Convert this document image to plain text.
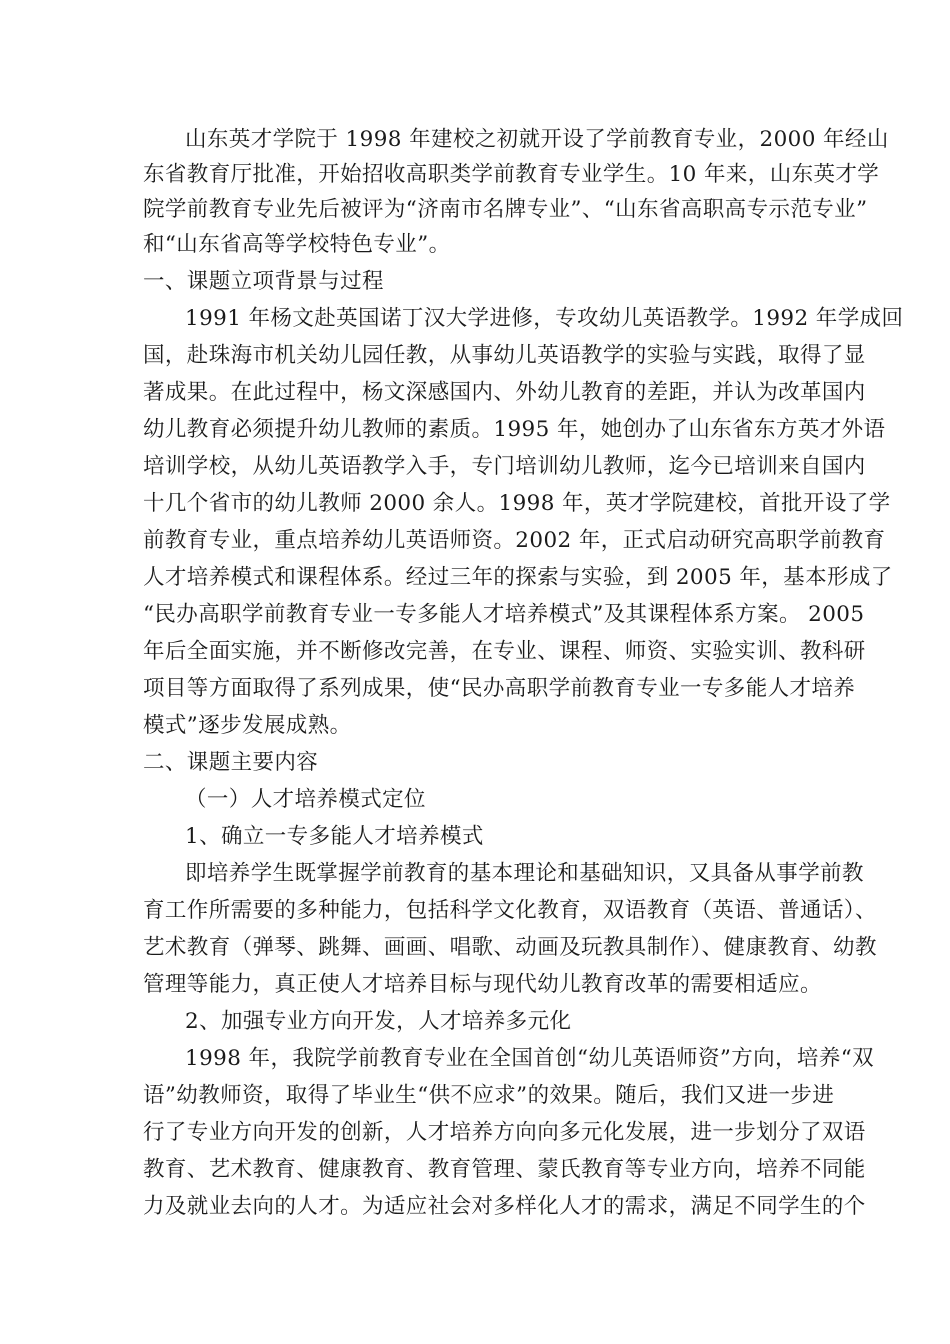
山东英才学院于 1998 年建校之初就开设了学前教育专业，2000 年经山
东省教育厅批准，开始招收高职类学前教育专业学生。10 年来，山东英才学
院学前教育专业先后被评为“济南市名牌专业”、“山东省高职高专示范专业”
和“山东省高等学校特色专业”。
一、课题立项背景与过程
1991 年杨文赴英国诺丁汉大学进修，专攻幼儿英语教学。1992 年学成回
国，赴珠海市机关幼儿园任教，从事幼儿英语教学的实验与实践，取得了显
著成果。在此过程中，杨文深感国内、外幼儿教育的差距，并认为改革国内
幼儿教育必须提升幼儿教师的素质。1995 年，她创办了山东省东方英才外语
培训学校，从幼儿英语教学入手，专门培训幼儿教师，迄今已培训来自国内
十几个省市的幼儿教师 2000 余人。1998 年，英才学院建校，首批开设了学
前教育专业，重点培养幼儿英语师资。2002 年，正式启动研究高职学前教育
人才培养模式和课程体系。经过三年的探索与实验，到 2005 年，基本形成了
“民办高职学前教育专业一专多能人才培养模式”及其课程体系方案。 2005
年后全面实施，并不断修改完善，在专业、课程、师资、实验实训、教科研
项目等方面取得了系列成果，使“民办高职学前教育专业一专多能人才培养
模式”逐步发展成熟。
二、课题主要内容
（一）人才培养模式定位
1、确立一专多能人才培养模式
即培养学生既掌握学前教育的基本理论和基础知识，又具备从事学前教
育工作所需要的多种能力，包括科学文化教育，双语教育（英语、普通话）、
艺术教育（弹琴、跳舞、画画、唱歌、动画及玩教具制作）、健康教育、幼教
管理等能力，真正使人才培养目标与现代幼儿教育改革的需要相适应。
2、加强专业方向开发，人才培养多元化
1998 年，我院学前教育专业在全国首创“幼儿英语师资”方向，培养“双
语”幼教师资，取得了毕业生“供不应求”的效果。随后，我们又进一步进
行了专业方向开发的创新，人才培养方向向多元化发展，进一步划分了双语
教育、艺术教育、健康教育、教育管理、蒙氏教育等专业方向，培养不同能
力及就业去向的人才。为适应社会对多样化人才的需求，满足不同学生的个
